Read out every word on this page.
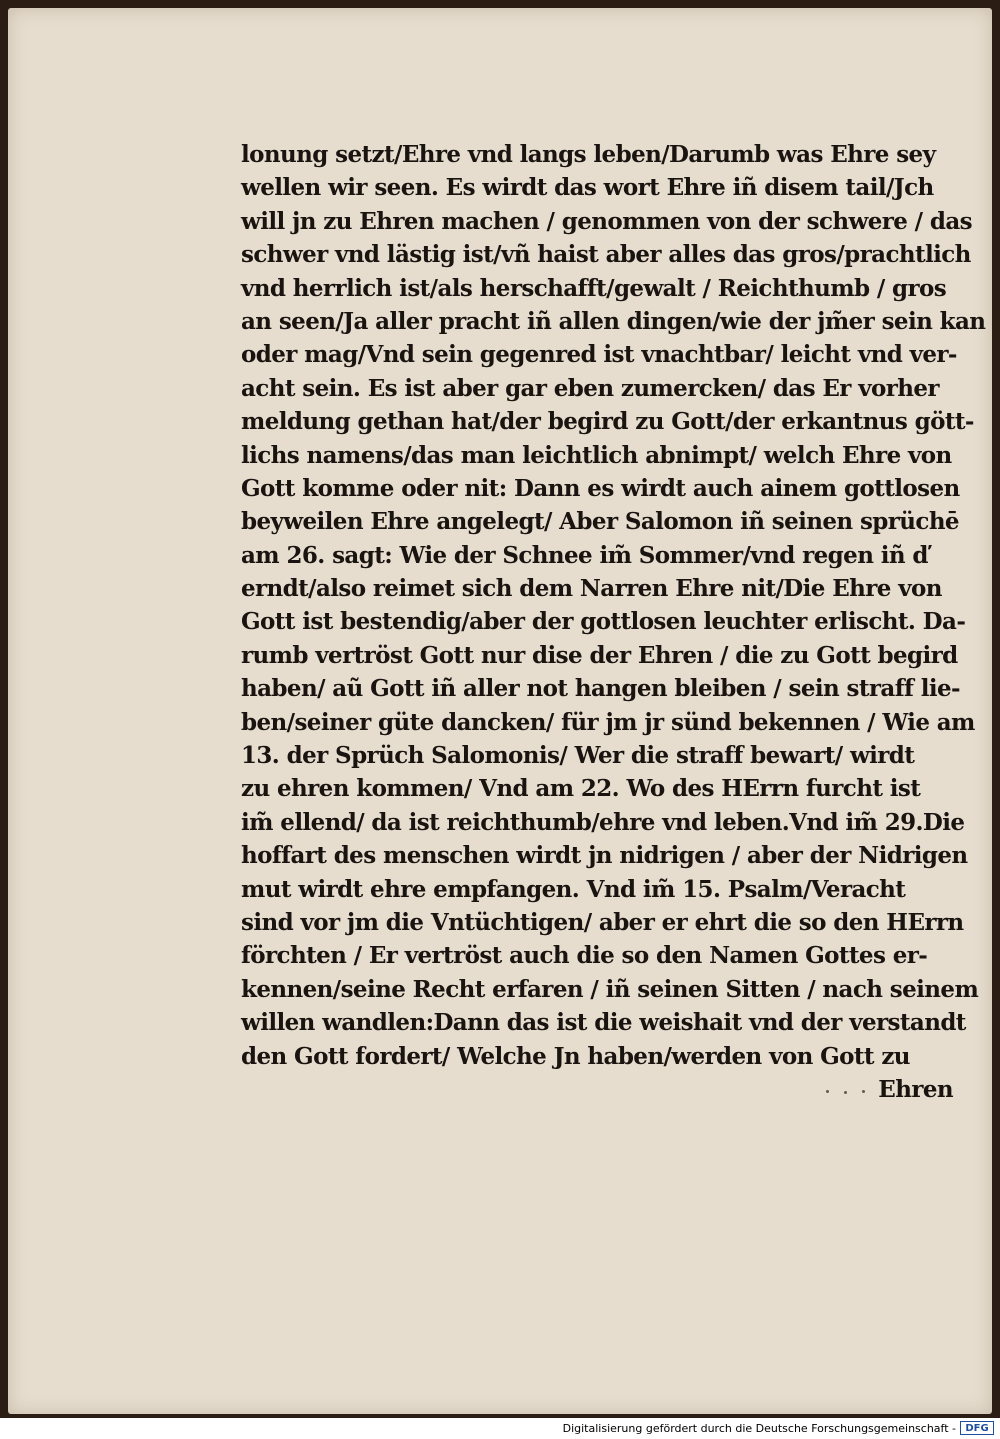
lonung setzt/Ehre vnd langs leben/Darumb was Ehre sey
wellen wir seen. Es wirdt das wort Ehre iñ disem tail/Jch
will jn zu Ehren machen / genommen von der schwere / das
schwer vnd lästig ist/vñ haist aber alles das gros/prachtlich
vnd herrlich ist/als herschafft/gewalt / Reichthumb / gros
an seen/Ja aller pracht iñ allen dingen/wie der jm̃er sein kan
oder mag/Vnd sein gegenred ist vnachtbar/ leicht vnd ver-
acht sein. Es ist aber gar eben zumercken/ das Er vorher
meldung gethan hat/der begird zu Gott/der erkantnus gött-
lichs namens/das man leichtlich abnimpt/ welch Ehre von
Gott komme oder nit: Dann es wirdt auch ainem gottlosen
beyweilen Ehre angelegt/ Aber Salomon iñ seinen sprüchē
am 26. sagt: Wie der Schnee im̃ Sommer/vnd regen iñ ď
erndt/also reimet sich dem Narren Ehre nit/Die Ehre von
Gott ist bestendig/aber der gottlosen leuchter erlischt. Da-
rumb vertröst Gott nur dise der Ehren / die zu Gott begird
haben/ aũ Gott iñ aller not hangen bleiben / sein straff lie-
ben/seiner güte dancken/ für jm jr sünd bekennen / Wie am
13. der Sprüch Salomonis/ Wer die straff bewart/ wirdt
zu ehren kommen/ Vnd am 22. Wo des HErrn furcht ist
im̃ ellend/ da ist reichthumb/ehre vnd leben.Vnd im̃ 29.Die
hoffart des menschen wirdt jn nidrigen / aber der Nidrigen
mut wirdt ehre empfangen. Vnd im̃ 15. Psalm/Veracht
sind vor jm die Vntüchtigen/ aber er ehrt die so den HErrn
förchten / Er vertröst auch die so den Namen Gottes er-
kennen/seine Recht erfaren / iñ seinen Sitten / nach seinem
willen wandlen:Dann das ist die weishait vnd der verstandt
den Gott fordert/ Welche Jn haben/werden von Gott zu
Ehren
Digitalisierung gefördert durch die Deutsche Forschungsgemeinschaft - DFG
